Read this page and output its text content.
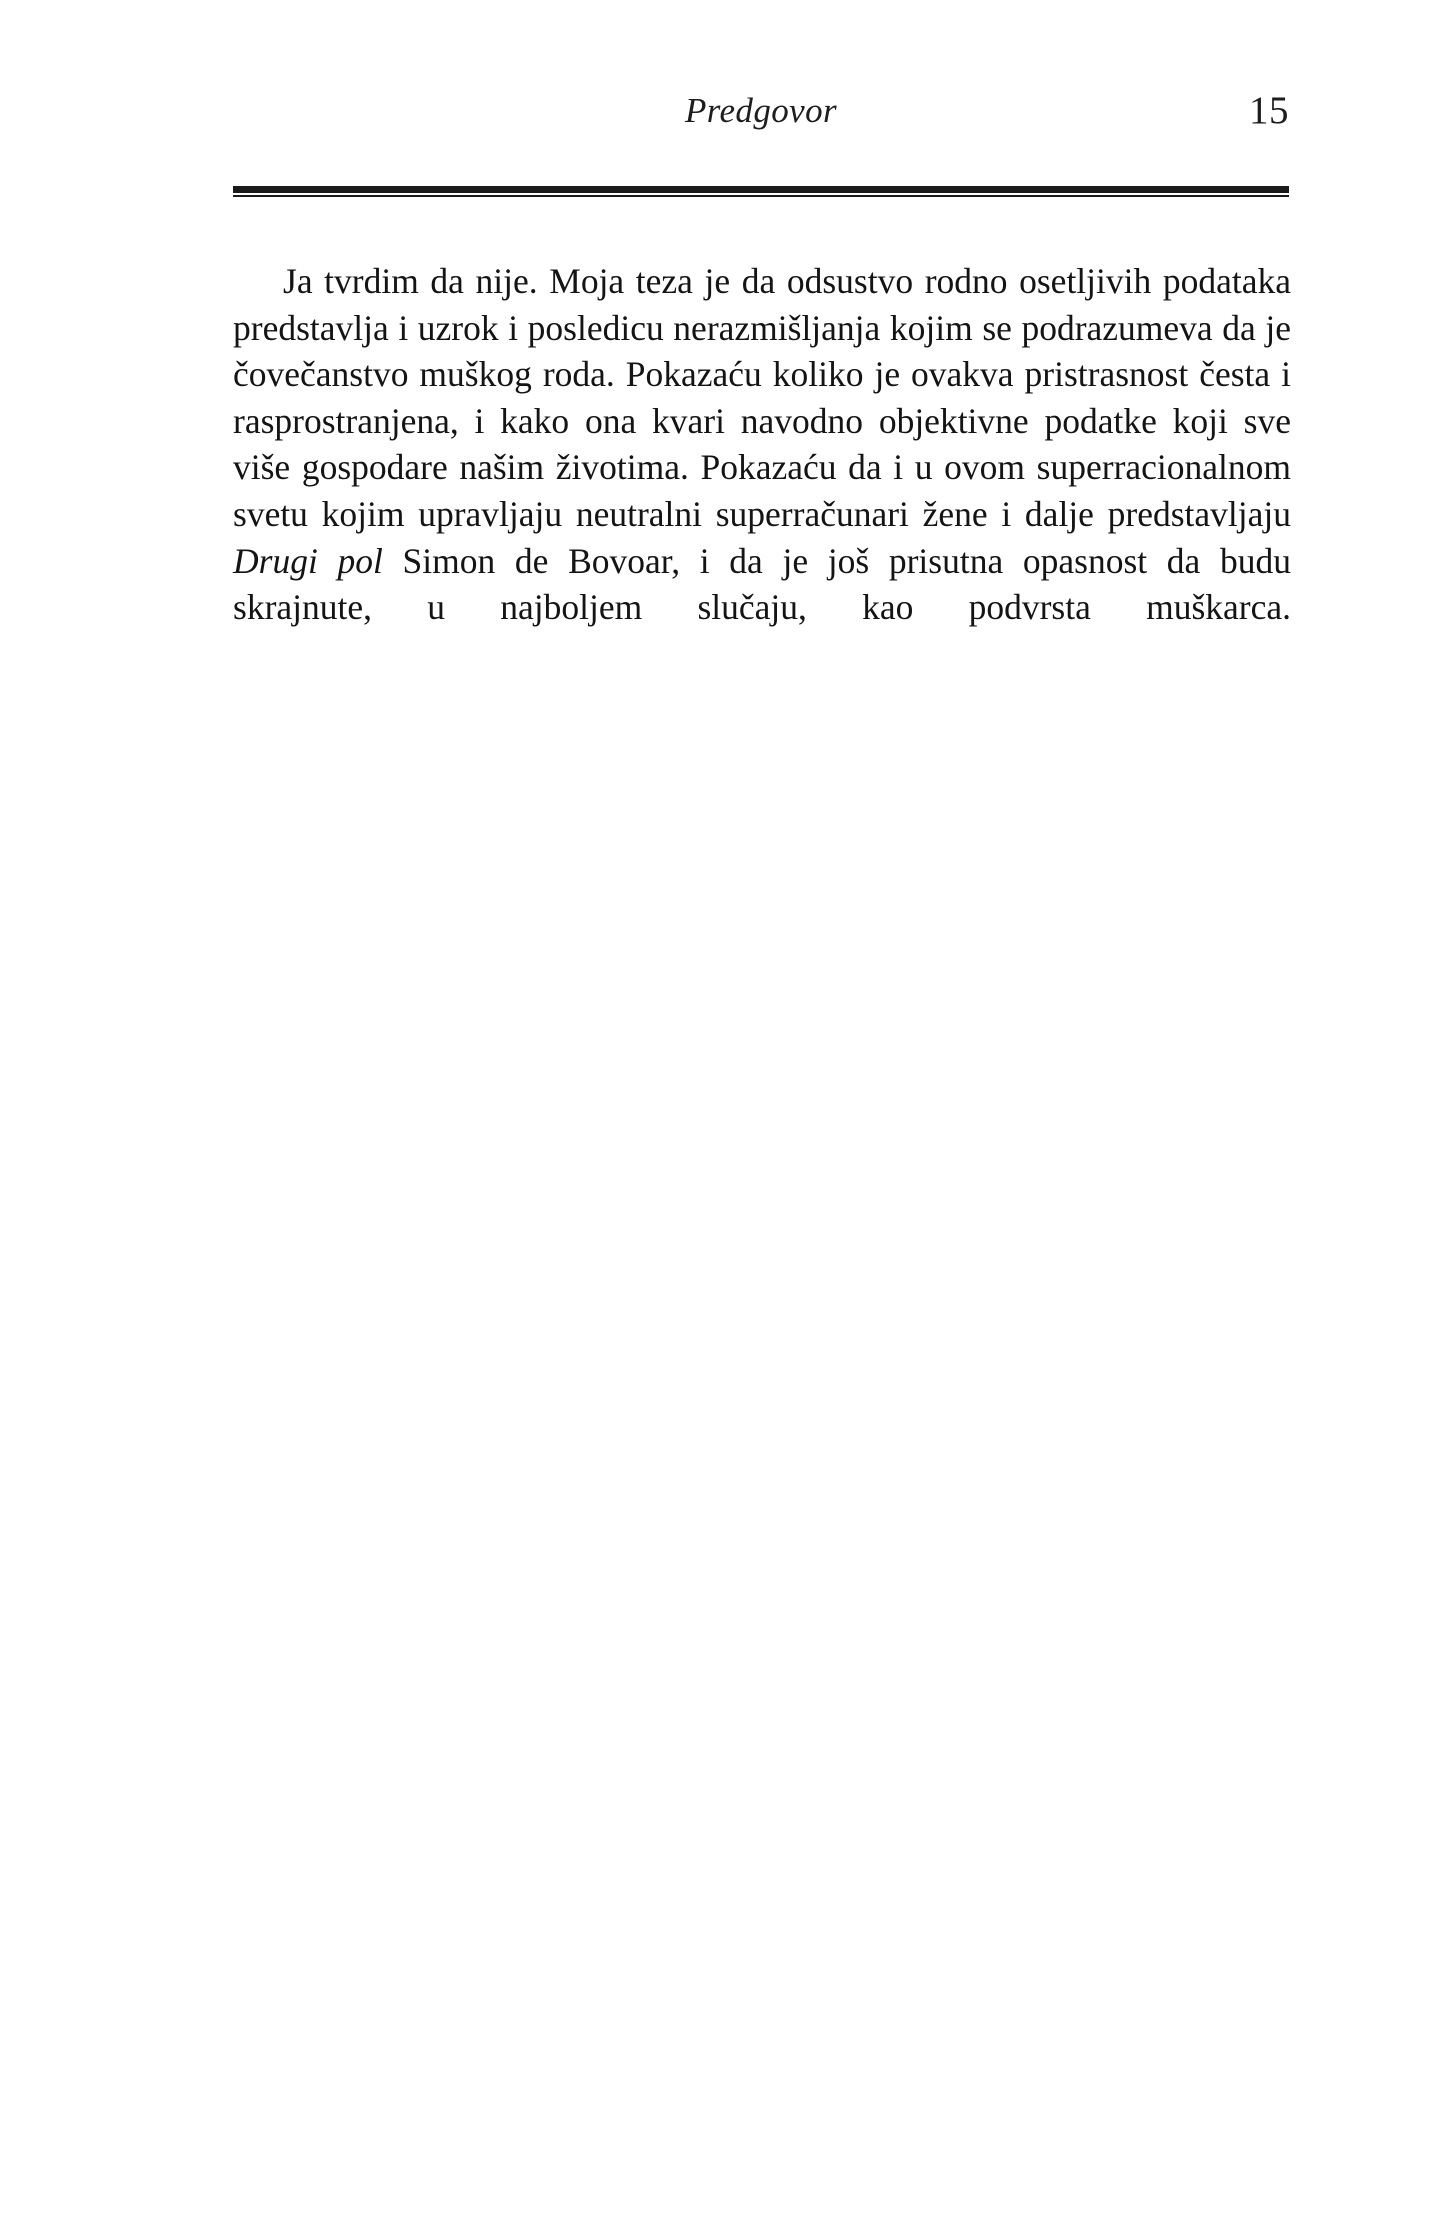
Predgovor	15

Ja tvrdim da nije. Moja teza je da odsustvo rodno osetljivih podataka predstavlja i uzrok i posledicu nerazmišljanja kojim se podrazumeva da je čovečanstvo muškog roda. Pokazaću koliko je ovakva pristrasnost česta i rasprostranjena, i kako ona kvari navodno objektivne podatke koji sve više gospodare našim životima. Pokazaću da i u ovom superracionalnom svetu kojim upravljaju neutralni superračunari žene i dalje predstavljaju Drugi pol Simon de Bovoar, i da je još prisutna opasnost da budu skrajnute, u najboljem slučaju, kao podvrsta muškarca.
